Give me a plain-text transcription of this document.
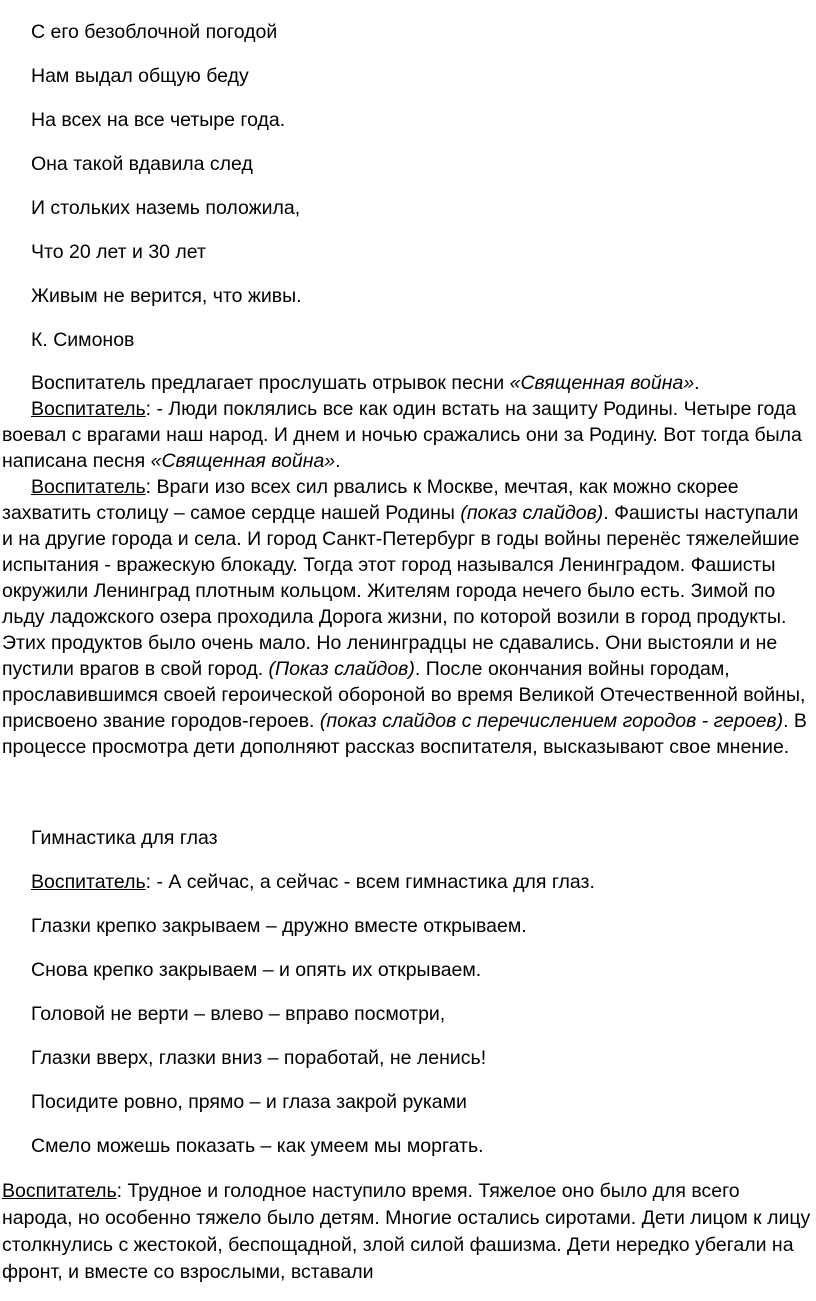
С его безоблочной погодой
Нам выдал общую беду
На всех на все четыре года.
Она такой вдавила след
И стольких наземь положила,
Что 20 лет и 30 лет
Живым не верится, что живы.
К. Симонов
Воспитатель предлагает прослушать отрывок песни «Священная война».
Воспитатель: - Люди поклялись все как один встать на защиту Родины. Четыре года воевал с врагами наш народ. И днем и ночью сражались они за Родину. Вот тогда была написана песня «Священная война».
Воспитатель: Враги изо всех сил рвались к Москве, мечтая, как можно скорее захватить столицу – самое сердце нашей Родины (показ слайдов). Фашисты наступали и на другие города и села. И город Санкт-Петербург в годы войны перенёс тяжелейшие испытания - вражескую блокаду. Тогда этот город назывался Ленинградом. Фашисты окружили Ленинград плотным кольцом. Жителям города нечего было есть. Зимой по льду ладожского озера проходила Дорога жизни, по которой возили в город продукты. Этих продуктов было очень мало. Но ленинградцы не сдавались. Они выстояли и не пустили врагов в свой город. (Показ слайдов). После окончания войны городам, прославившимся своей героической обороной во время Великой Отечественной войны, присвоено звание городов-героев. (показ слайдов с перечислением городов - героев). В процессе просмотра дети дополняют рассказ воспитателя, высказывают свое мнение.
Гимнастика для глаз
Воспитатель: - А сейчас, а сейчас - всем гимнастика для глаз.
Глазки крепко закрываем – дружно вместе открываем.
Снова крепко закрываем – и опять их открываем.
Головой не верти – влево – вправо посмотри,
Глазки вверх, глазки вниз – поработай, не ленись!
Посидите ровно, прямо – и глаза закрой руками
Смело можешь показать – как умеем мы моргать.
Воспитатель: Трудное и голодное наступило время. Тяжелое оно было для всего народа, но особенно тяжело было детям. Многие остались сиротами. Дети лицом к лицу столкнулись с жестокой, беспощадной, злой силой фашизма. Дети нередко убегали на фронт, и вместе со взрослыми, вставали
